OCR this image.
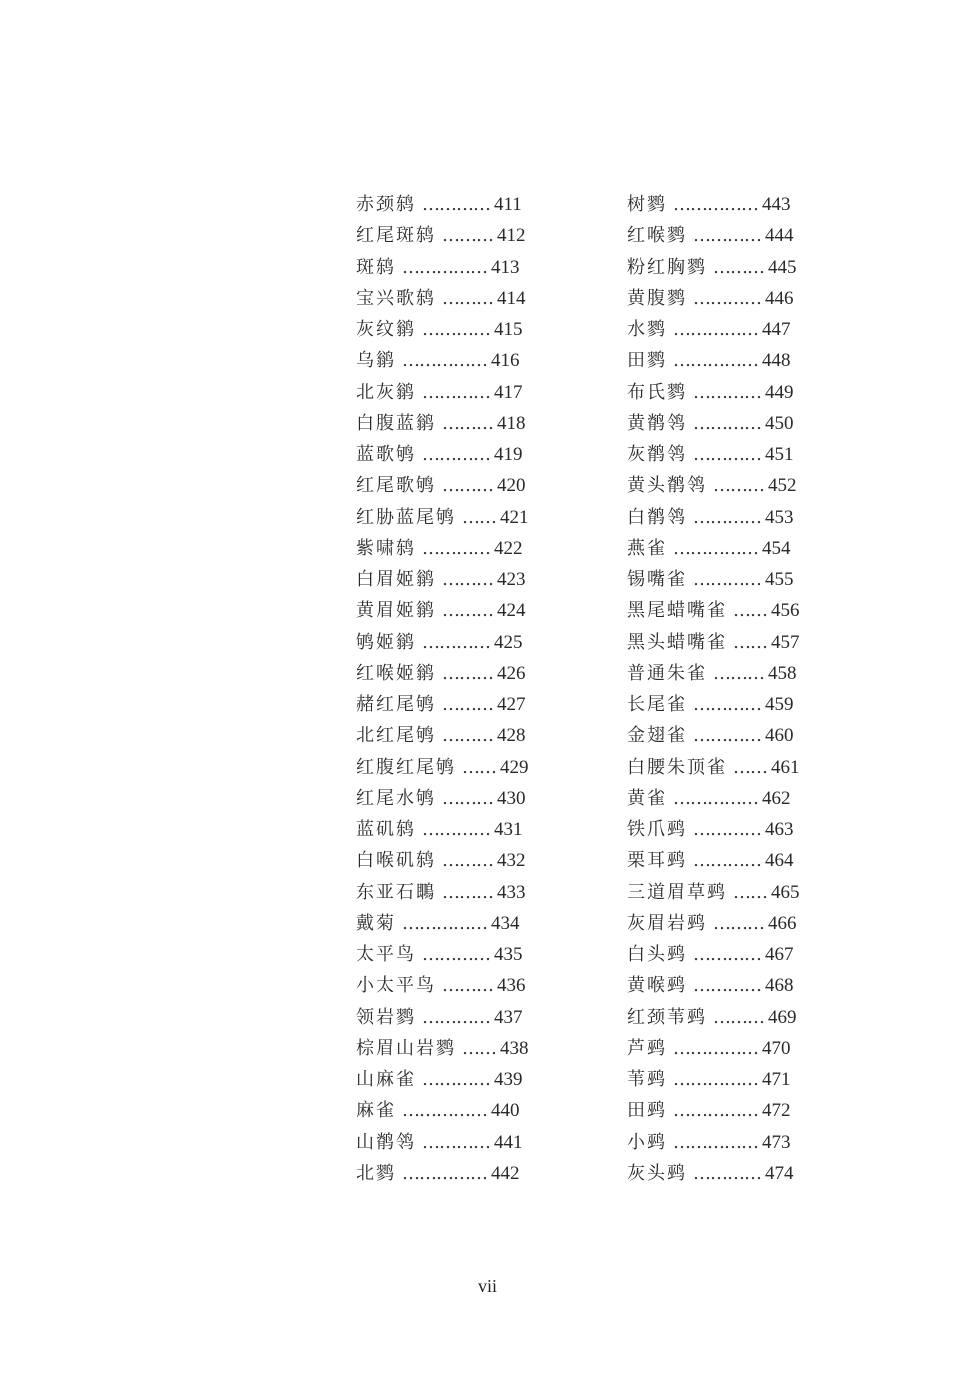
赤颈鸫 ………… 411
红尾斑鸫 ……… 412
斑鸫 …………… 413
宝兴歌鸫 ……… 414
灰纹鹟 ………… 415
乌鹟 …………… 416
北灰鹟 ………… 417
白腹蓝鹟 ……… 418
蓝歌鸲 ………… 419
红尾歌鸲 ……… 420
红胁蓝尾鸲 …… 421
紫啸鸫 ………… 422
白眉姬鹟 ……… 423
黄眉姬鹟 ……… 424
鸲姬鹟 ………… 425
红喉姬鹟 ……… 426
赭红尾鸲 ……… 427
北红尾鸲 ……… 428
红腹红尾鸲 …… 429
红尾水鸲 ……… 430
蓝矶鸫 ………… 431
白喉矶鸫 ……… 432
东亚石䳭 ……… 433
戴菊 …………… 434
太平鸟 ………… 435
小太平鸟 ……… 436
领岩鹨 ………… 437
棕眉山岩鹨 …… 438
山麻雀 ………… 439
麻雀 …………… 440
山鹡鸰 ………… 441
北鹨 …………… 442
树鹨 …………… 443
红喉鹨 ………… 444
粉红胸鹨 ……… 445
黄腹鹨 ………… 446
水鹨 …………… 447
田鹨 …………… 448
布氏鹨 ………… 449
黄鹡鸰 ………… 450
灰鹡鸰 ………… 451
黄头鹡鸰 ……… 452
白鹡鸰 ………… 453
燕雀 …………… 454
锡嘴雀 ………… 455
黑尾蜡嘴雀 …… 456
黑头蜡嘴雀 …… 457
普通朱雀 ……… 458
长尾雀 ………… 459
金翅雀 ………… 460
白腰朱顶雀 …… 461
黄雀 …………… 462
铁爪鹀 ………… 463
栗耳鹀 ………… 464
三道眉草鹀 …… 465
灰眉岩鹀 ……… 466
白头鹀 ………… 467
黄喉鹀 ………… 468
红颈苇鹀 ……… 469
芦鹀 …………… 470
苇鹀 …………… 471
田鹀 …………… 472
小鹀 …………… 473
灰头鹀 ………… 474
vii
